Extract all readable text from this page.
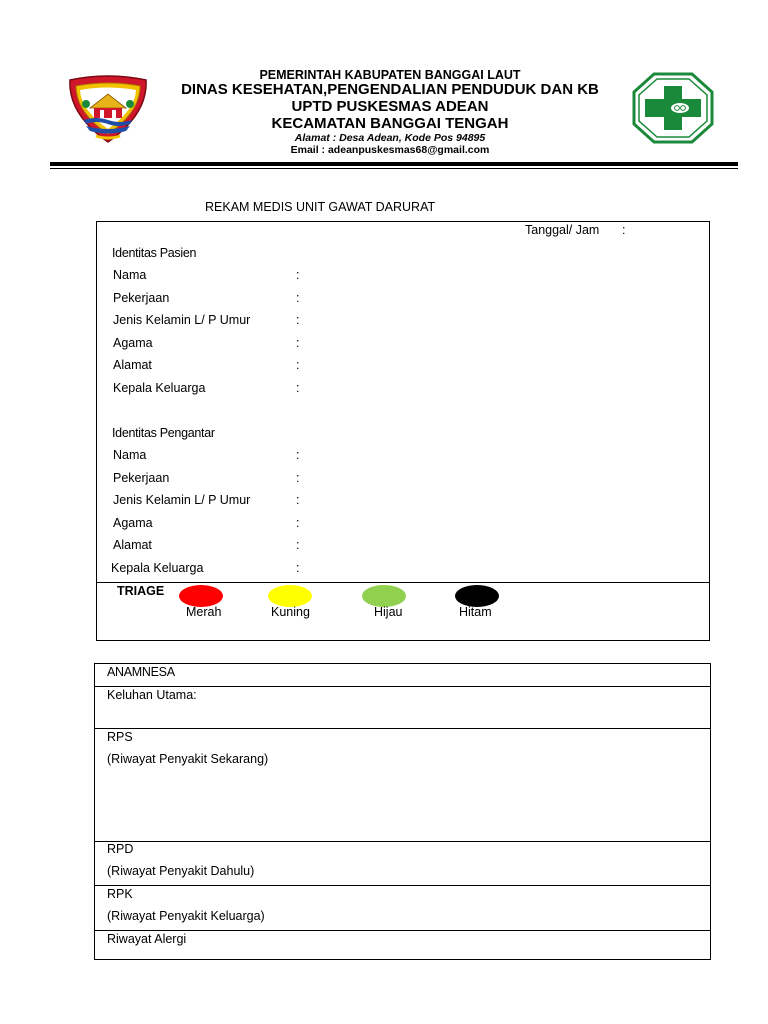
PEMERINTAH KABUPATEN BANGGAI LAUT
DINAS KESEHATAN,PENGENDALIAN PENDUDUK DAN KB
UPTD PUSKESMAS ADEAN
KECAMATAN BANGGAI TENGAH
Alamat : Desa Adean, Kode Pos 94895
Email : adeanpuskesmas68@gmail.com
REKAM MEDIS UNIT GAWAT DARURAT
Tanggal/ Jam :
Identitas Pasien
Nama	:
Pekerjaan	:
Jenis Kelamin L/ P Umur	:
Agama	:
Alamat	:
Kepala Keluarga	:
Identitas Pengantar
Nama	:
Pekerjaan	:
Jenis Kelamin L/ P Umur	:
Agama	:
Alamat	:
Kepala Keluarga	:
TRIAGE
Merah	Kuning	Hijau	Hitam
ANAMNESA
Keluhan Utama:
RPS
(Riwayat Penyakit Sekarang)
RPD
(Riwayat Penyakit Dahulu)
RPK
(Riwayat Penyakit Keluarga)
Riwayat Alergi
